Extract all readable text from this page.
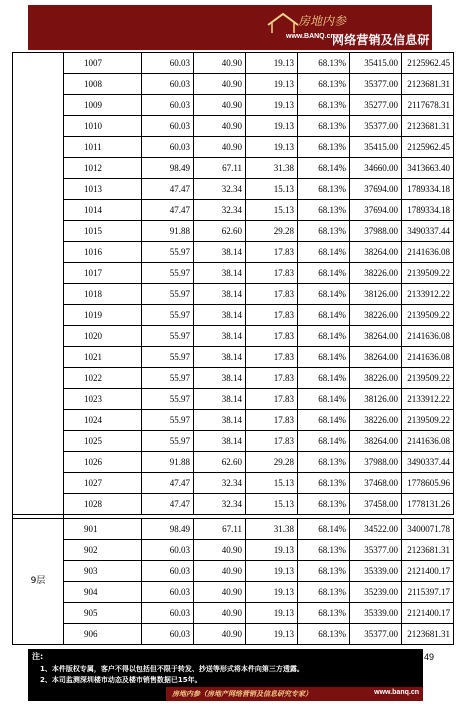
房地内参
www.BANQ.cn
网络营销及信息研
	1007	60.03	40.90	19.13	68.13%	35415.00	2125962.45
	1008	60.03	40.90	19.13	68.13%	35377.00	2123681.31
	1009	60.03	40.90	19.13	68.13%	35277.00	2117678.31
	1010	60.03	40.90	19.13	68.13%	35377.00	2123681.31
	1011	60.03	40.90	19.13	68.13%	35415.00	2125962.45
	1012	98.49	67.11	31.38	68.14%	34660.00	3413663.40
	1013	47.47	32.34	15.13	68.13%	37694.00	1789334.18
	1014	47.47	32.34	15.13	68.13%	37694.00	1789334.18
	1015	91.88	62.60	29.28	68.13%	37988.00	3490337.44
	1016	55.97	38.14	17.83	68.14%	38264.00	2141636.08
	1017	55.97	38.14	17.83	68.14%	38226.00	2139509.22
	1018	55.97	38.14	17.83	68.14%	38126.00	2133912.22
	1019	55.97	38.14	17.83	68.14%	38226.00	2139509.22
	1020	55.97	38.14	17.83	68.14%	38264.00	2141636.08
	1021	55.97	38.14	17.83	68.14%	38264.00	2141636.08
	1022	55.97	38.14	17.83	68.14%	38226.00	2139509.22
	1023	55.97	38.14	17.83	68.14%	38126.00	2133912.22
	1024	55.97	38.14	17.83	68.14%	38226.00	2139509.22
	1025	55.97	38.14	17.83	68.14%	38264.00	2141636.08
	1026	91.88	62.60	29.28	68.13%	37988.00	3490337.44
	1027	47.47	32.34	15.13	68.13%	37468.00	1778605.96
	1028	47.47	32.34	15.13	68.13%	37458.00	1778131.26

9层	901	98.49	67.11	31.38	68.14%	34522.00	3400071.78
	902	60.03	40.90	19.13	68.13%	35377.00	2123681.31
	903	60.03	40.90	19.13	68.13%	35339.00	2121400.17
	904	60.03	40.90	19.13	68.13%	35239.00	2115397.17
	905	60.03	40.90	19.13	68.13%	35339.00	2121400.17
	906	60.03	40.90	19.13	68.13%	35377.00	2123681.31
49
注:
1、本件版权专属，客户不得以包括但不限于转发、抄送等形式将本件向第三方透露。
2、本司监测深圳楼市动态及楼市销售数据已15年。
房地内参（房地产网络营销及信息研究专家）	www.banq.cn
